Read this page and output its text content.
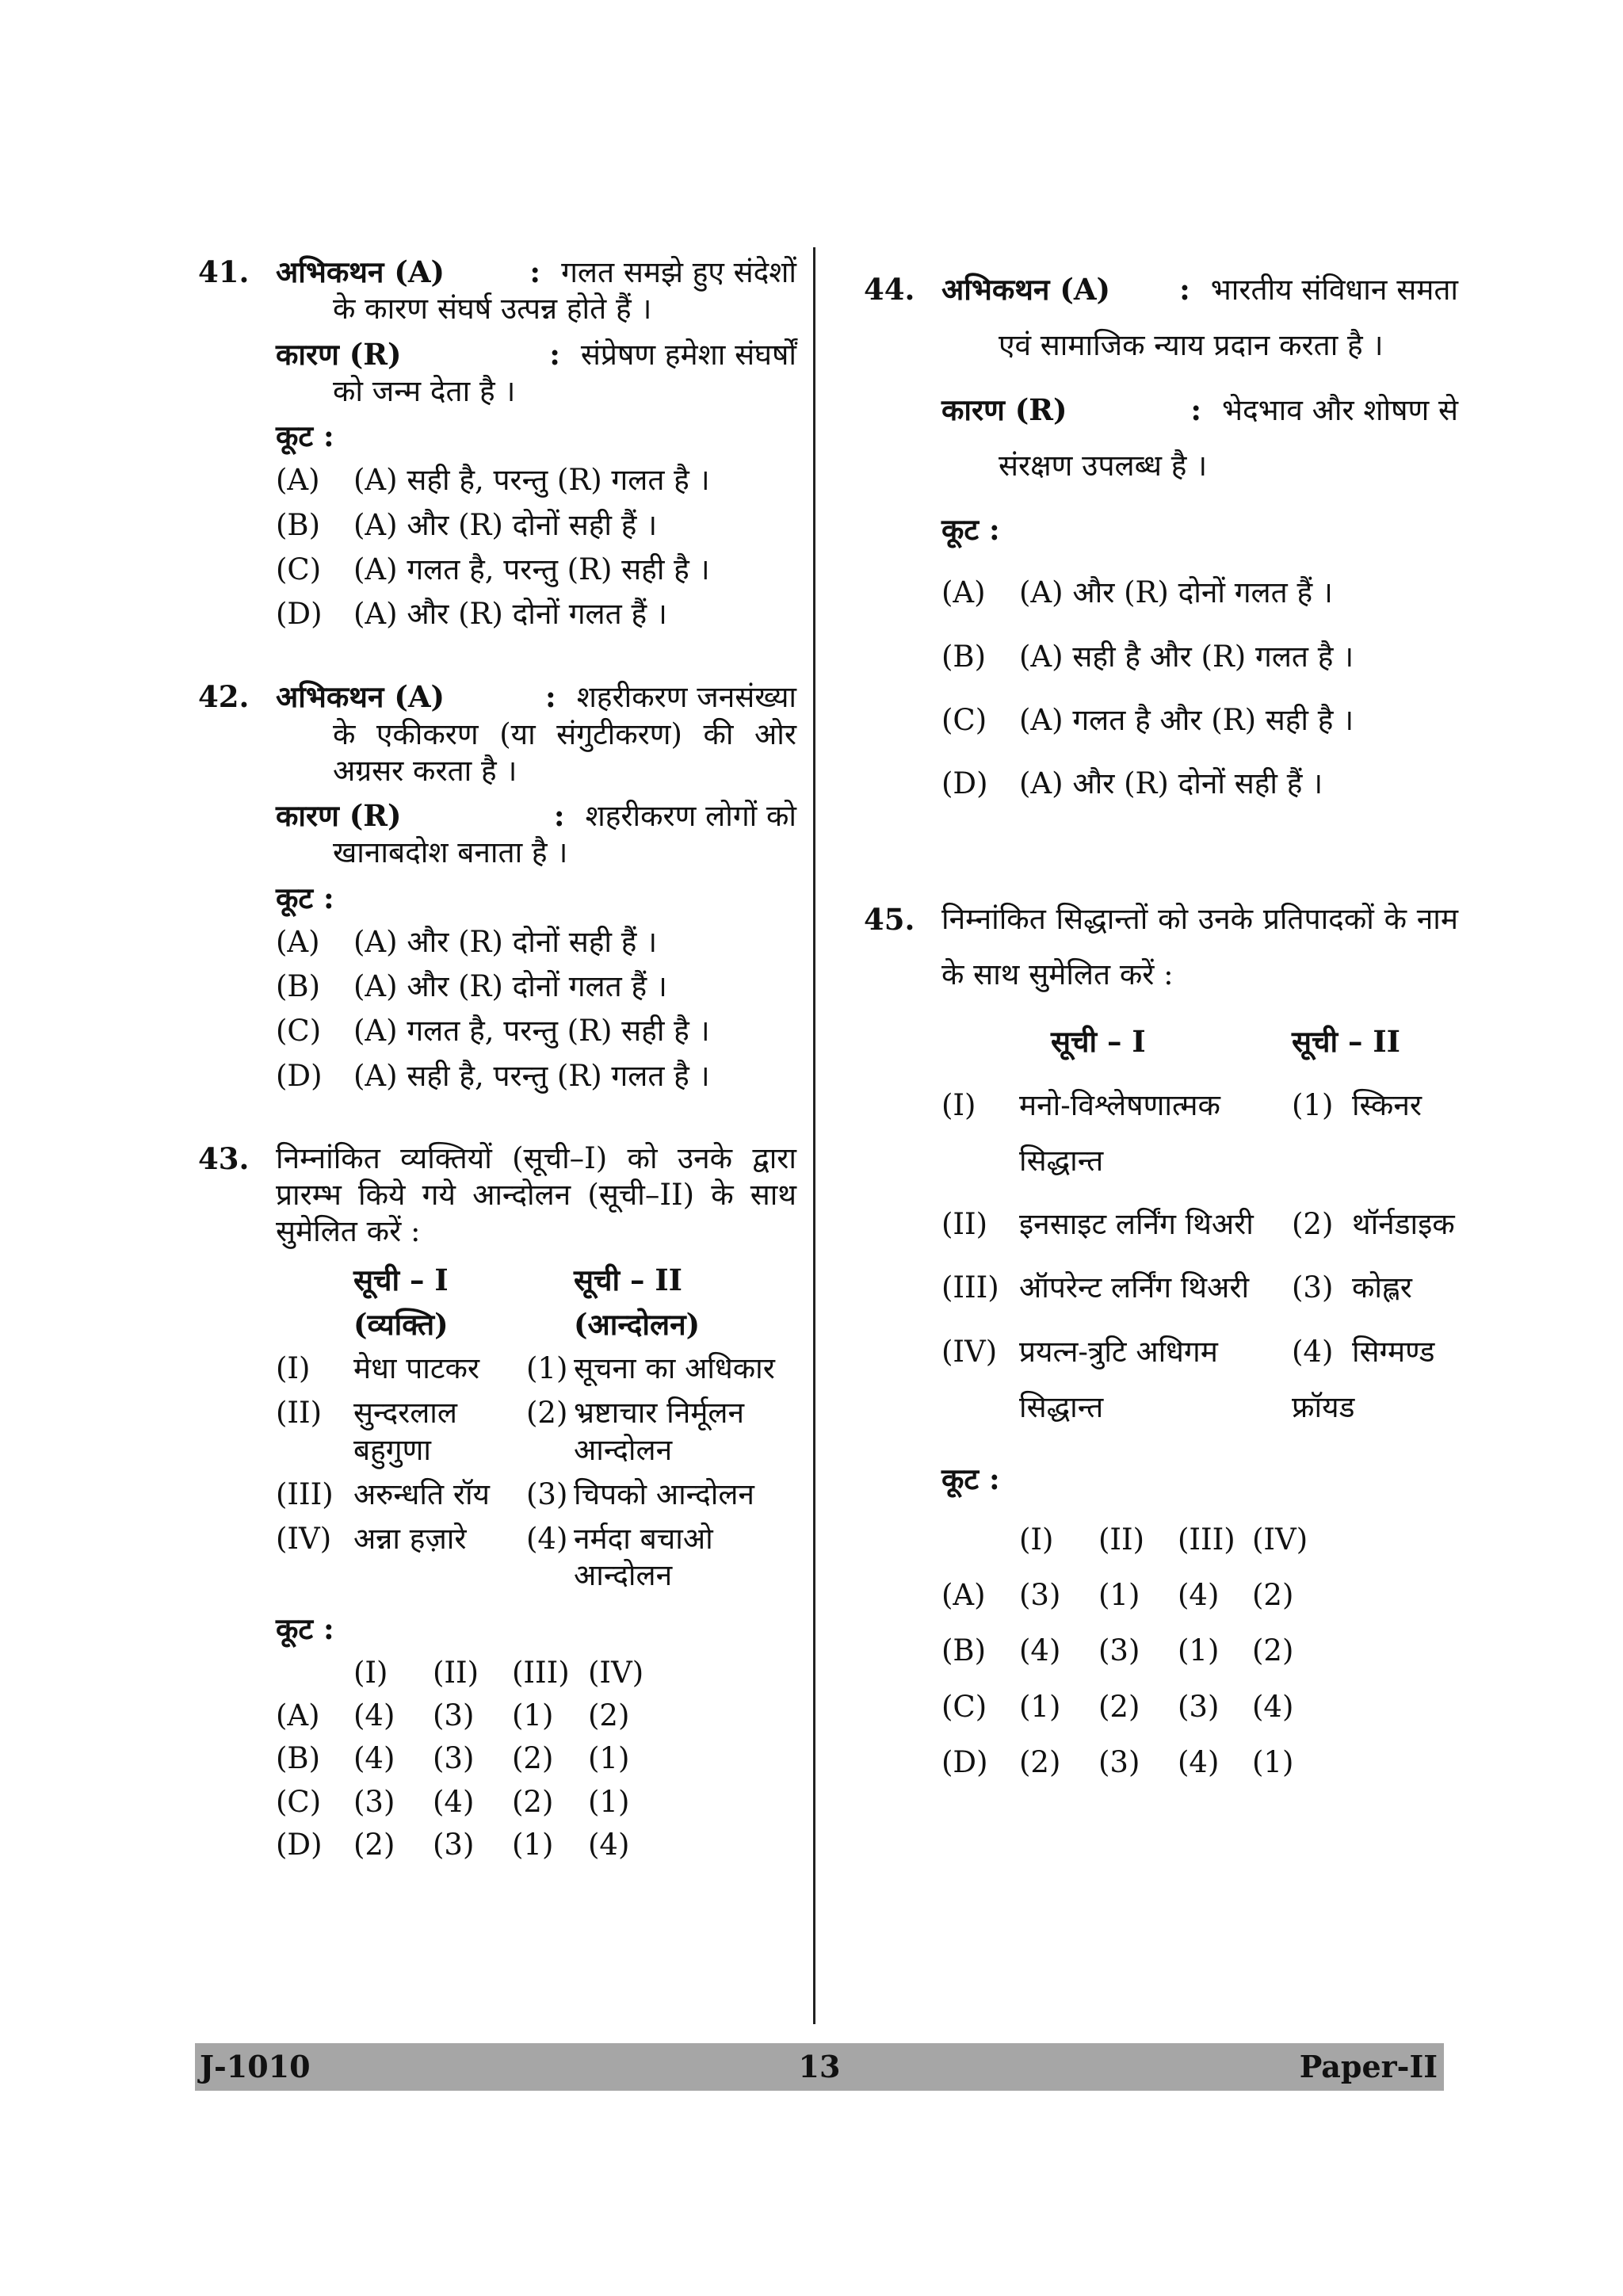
41. अभिकथन (A)	: गलत समझे हुए संदेशों
के कारण संघर्ष उत्पन्न होते हैं ।
कारण (R)	: संप्रेषण हमेशा संघर्षों
को जन्म देता है ।
कूट :
(A)	(A) सही है, परन्तु (R) गलत है ।
(B)	(A) और (R) दोनों सही हैं ।
(C)	(A) गलत है, परन्तु (R) सही है ।
(D)	(A) और (R) दोनों गलत हैं ।
42. अभिकथन (A)	: शहरीकरण जनसंख्या
के एकीकरण (या संगुटीकरण) की ओर अग्रसर करता है ।
कारण (R)	: शहरीकरण लोगों को
खानाबदोश बनाता है ।
कूट :
(A)	(A) और (R) दोनों सही हैं ।
(B)	(A) और (R) दोनों गलत हैं ।
(C)	(A) गलत है, परन्तु (R) सही है ।
(D)	(A) सही है, परन्तु (R) गलत है ।
43. निम्नांकित व्यक्तियों (सूची–I) को उनके द्वारा प्रारम्भ किये गये आन्दोलन (सूची–II) के साथ सुमेलित करें :
	सूची – I		सूची – II
	(व्यक्ति)		(आन्दोलन)
(I)	मेधा पाटकर	(1)	सूचना का अधिकार
(II)	सुन्दरलाल बहुगुणा	(2)	भ्रष्टाचार निर्मूलन आन्दोलन
(III)	अरुन्धति रॉय	(3)	चिपको आन्दोलन
(IV)	अन्ना हज़ारे	(4)	नर्मदा बचाओ आन्दोलन
कूट :
	(I)	(II)	(III)	(IV)
(A)	(4)	(3)	(1)	(2)
(B)	(4)	(3)	(2)	(1)
(C)	(3)	(4)	(2)	(1)
(D)	(2)	(3)	(1)	(4)
44. अभिकथन (A)	: भारतीय संविधान समता
एवं सामाजिक न्याय प्रदान करता है ।
कारण (R)	: भेदभाव और शोषण से
संरक्षण उपलब्ध है ।
कूट :
(A)	(A) और (R) दोनों गलत हैं ।
(B)	(A) सही है और (R) गलत है ।
(C)	(A) गलत है और (R) सही है ।
(D)	(A) और (R) दोनों सही हैं ।
45. निम्नांकित सिद्धान्तों को उनके प्रतिपादकों के नाम के साथ सुमेलित करें :
	सूची – I		सूची – II
(I)	मनो-विश्लेषणात्मक सिद्धान्त		(1) स्किनर
(II)	इनसाइट लर्निंग थिअरी		(2) थॉर्नडाइक
(III)	ऑपरेन्ट लर्निंग थिअरी		(3) कोह्लर
(IV)	प्रयत्न-त्रुटि अधिगम सिद्धान्त		(4) सिग्मण्ड फ्रॉयड
कूट :
	(I)	(II)	(III)	(IV)
(A)	(3)	(1)	(4)	(2)
(B)	(4)	(3)	(1)	(2)
(C)	(1)	(2)	(3)	(4)
(D)	(2)	(3)	(4)	(1)
J-1010	13	Paper-II
